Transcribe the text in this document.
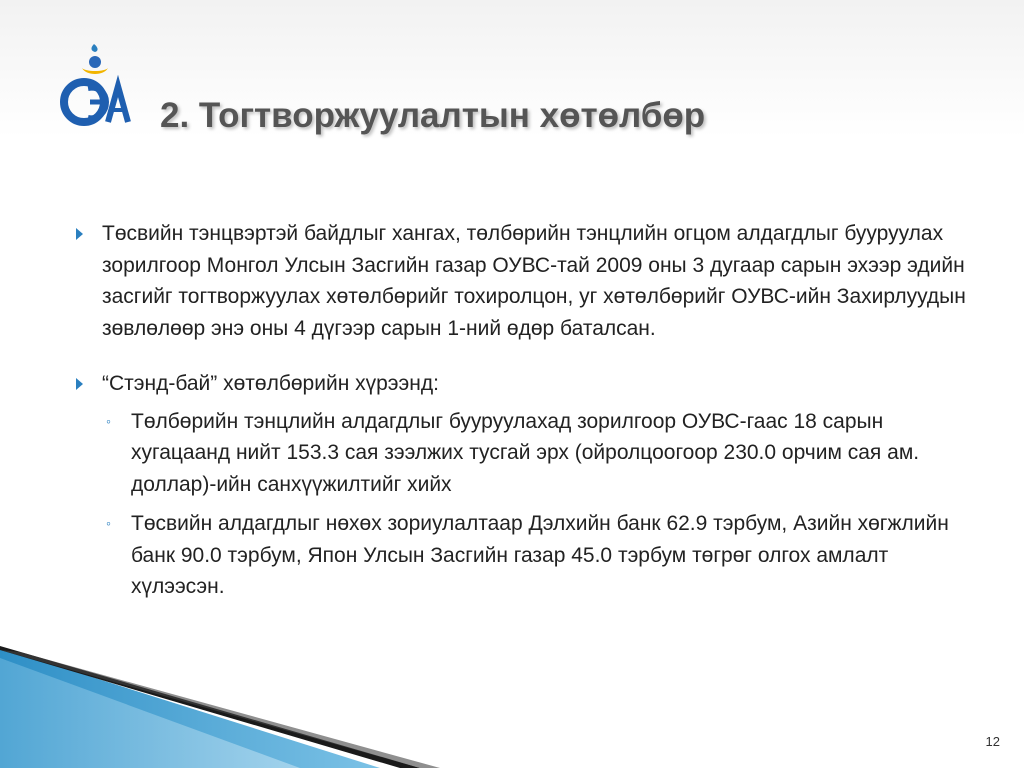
2. Тогтворжуулалтын хөтөлбөр
Төсвийн тэнцвэртэй байдлыг хангах, төлбөрийн тэнцлийн огцом алдагдлыг бууруулах зорилгоор Монгол Улсын Засгийн газар ОУВС-тай 2009 оны 3 дугаар сарын эхээр эдийн засгийг тогтворжуулах хөтөлбөрийг тохиролцон, уг хөтөлбөрийг ОУВС-ийн Захирлуудын зөвлөлөөр энэ оны 4 дүгээр сарын 1-ний өдөр баталсан.
“Стэнд-бай” хөтөлбөрийн хүрээнд:
◦ Төлбөрийн тэнцлийн алдагдлыг бууруулахад зорилгоор ОУВС-гаас 18 сарын хугацаанд нийт 153.3 сая зээлжих тусгай эрх (ойролцоогоор 230.0 орчим сая ам. доллар)-ийн санхүүжилтийг хийх
◦ Төсвийн алдагдлыг нөхөх зориулалтаар Дэлхийн банк 62.9 тэрбум, Азийн хөгжлийн банк 90.0 тэрбум, Япон Улсын Засгийн газар 45.0 тэрбум төгрөг олгох амлалт хүлээсэн.
12
